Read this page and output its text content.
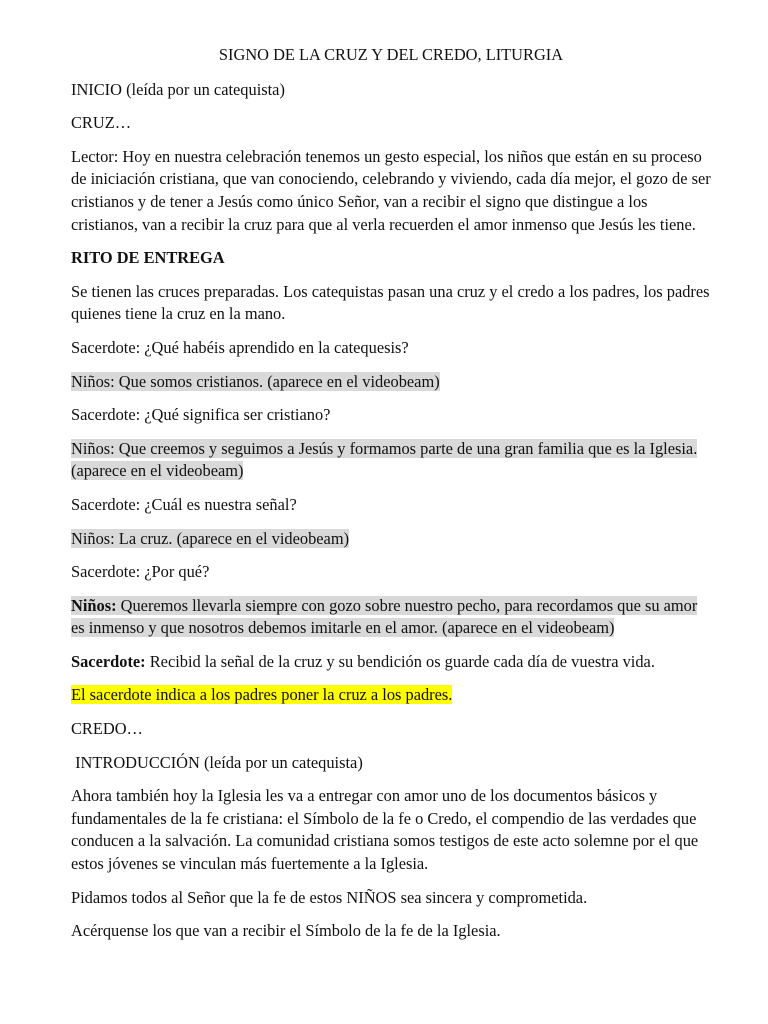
SIGNO DE LA CRUZ Y DEL CREDO, LITURGIA

INICIO (leída por un catequista)

CRUZ…

Lector: Hoy en nuestra celebración tenemos un gesto especial, los niños que están en su proceso de iniciación cristiana, que van conociendo, celebrando y viviendo, cada día mejor, el gozo de ser cristianos y de tener a Jesús como único Señor, van a recibir el signo que distingue a los cristianos, van a recibir la cruz para que al verla recuerden el amor inmenso que Jesús les tiene.

RITO DE ENTREGA

Se tienen las cruces preparadas. Los catequistas pasan una cruz y el credo a los padres, los padres quienes tiene la cruz en la mano.

Sacerdote: ¿Qué habéis aprendido en la catequesis?

Niños: Que somos cristianos. (aparece en el videobeam)

Sacerdote: ¿Qué significa ser cristiano?

Niños: Que creemos y seguimos a Jesús y formamos parte de una gran familia que es la Iglesia. (aparece en el videobeam)

Sacerdote: ¿Cuál es nuestra señal?

Niños: La cruz. (aparece en el videobeam)

Sacerdote: ¿Por qué?

Niños: Queremos llevarla siempre con gozo sobre nuestro pecho, para recordamos que su amor es inmenso y que nosotros debemos imitarle en el amor. (aparece en el videobeam)

Sacerdote: Recibid la señal de la cruz y su bendición os guarde cada día de vuestra vida.

El sacerdote indica a los padres poner la cruz a los padres.

CREDO…

INTRODUCCIÓN (leída por un catequista)

Ahora también hoy la Iglesia les va a entregar con amor uno de los documentos básicos y fundamentales de la fe cristiana: el Símbolo de la fe o Credo, el compendio de las verdades que conducen a la salvación. La comunidad cristiana somos testigos de este acto solemne por el que estos jóvenes se vinculan más fuertemente a la Iglesia.

Pidamos todos al Señor que la fe de estos NIÑOS sea sincera y comprometida.

Acérquense los que van a recibir el Símbolo de la fe de la Iglesia.
